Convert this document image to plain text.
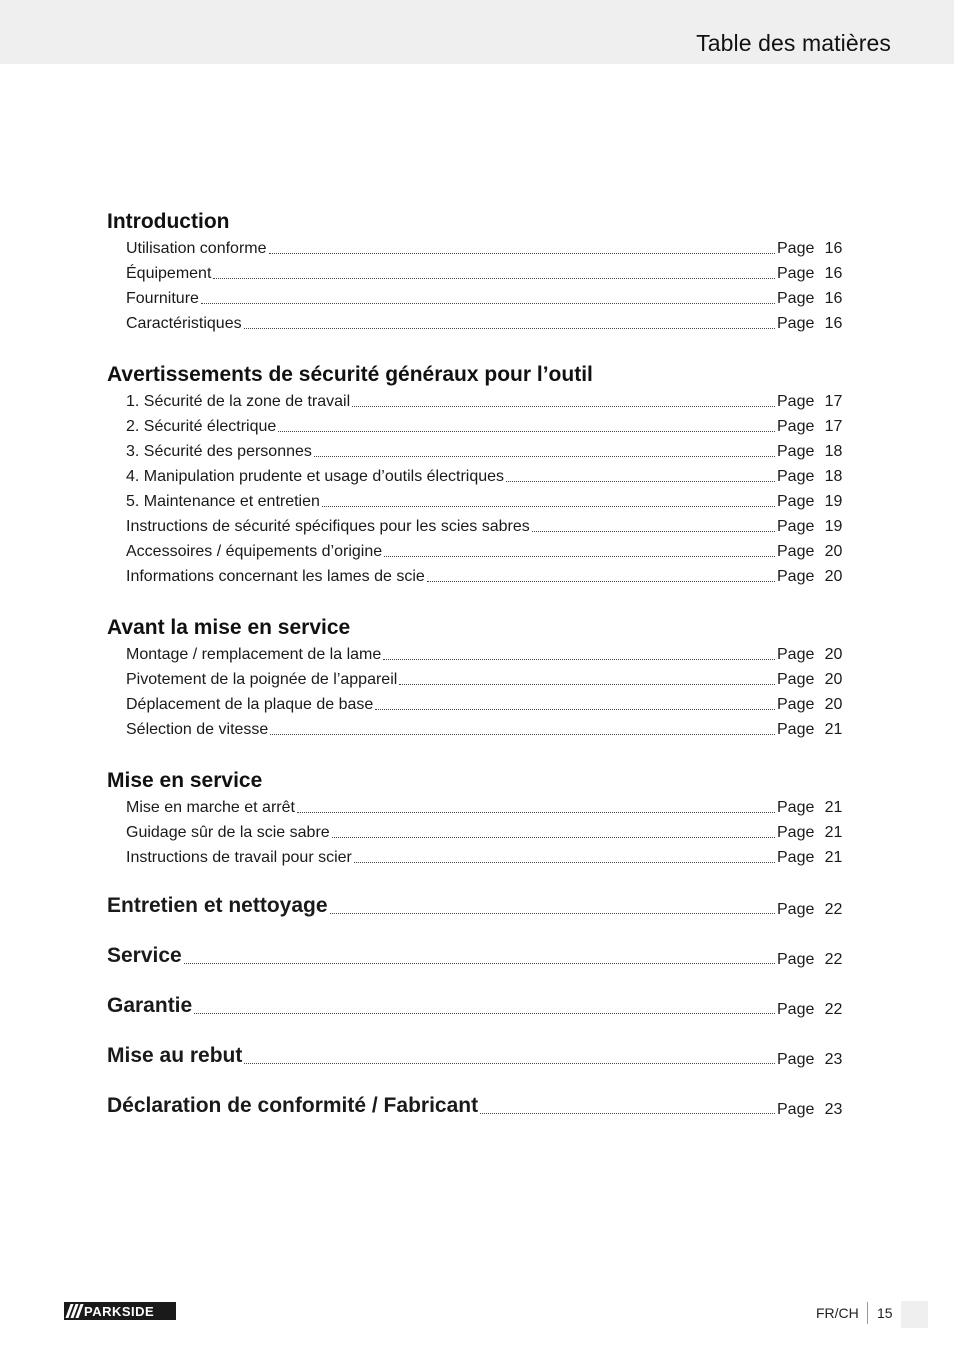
Table des matières
Introduction
Utilisation conforme	Page 16
Équipement	Page 16
Fourniture	Page 16
Caractéristiques	Page 16
Avertissements de sécurité généraux pour l’outil
1. Sécurité de la zone de travail	Page 17
2. Sécurité électrique	Page 17
3. Sécurité des personnes	Page 18
4. Manipulation prudente et usage d’outils électriques	Page 18
5. Maintenance et entretien	Page 19
Instructions de sécurité spécifiques pour les scies sabres	Page 19
Accessoires / équipements d’origine	Page 20
Informations concernant les lames de scie	Page 20
Avant la mise en service
Montage / remplacement de la lame	Page 20
Pivotement de la poignée de l’appareil	Page 20
Déplacement de la plaque de base	Page 20
Sélection de vitesse	Page 21
Mise en service
Mise en marche et arrêt	Page 21
Guidage sûr de la scie sabre	Page 21
Instructions de travail pour scier	Page 21
Entretien et nettoyage	Page 22
Service	Page 22
Garantie	Page 22
Mise au rebut	Page 23
Déclaration de conformité / Fabricant	Page 23
PARKSIDE	FR/CH 15
